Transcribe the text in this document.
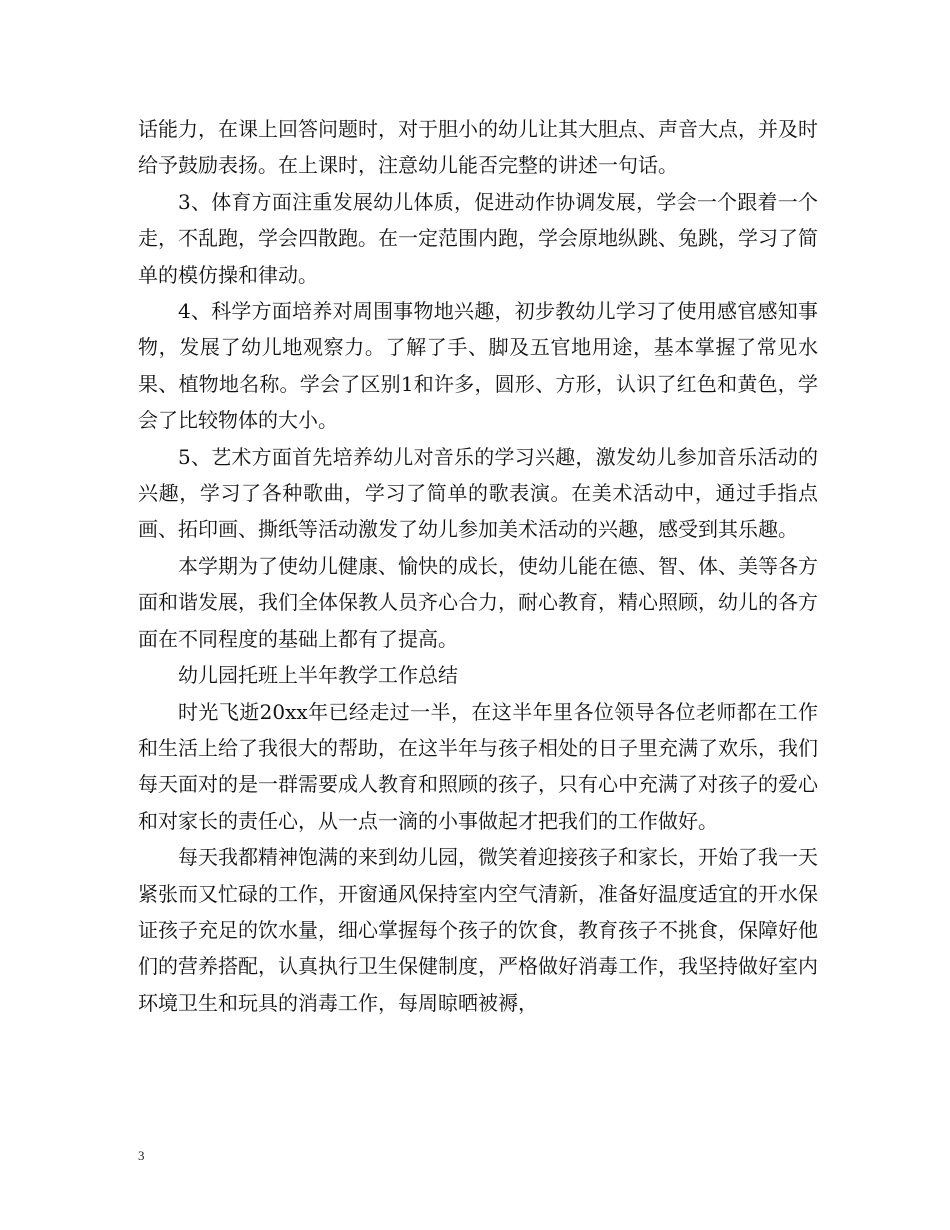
话能力，在课上回答问题时，对于胆小的幼儿让其大胆点、声音大点，并及时给予鼓励表扬。在上课时，注意幼儿能否完整的讲述一句话。

3、体育方面注重发展幼儿体质，促进动作协调发展，学会一个跟着一个走，不乱跑，学会四散跑。在一定范围内跑，学会原地纵跳、兔跳，学习了简单的模仿操和律动。

4、科学方面培养对周围事物地兴趣，初步教幼儿学习了使用感官感知事物，发展了幼儿地观察力。了解了手、脚及五官地用途，基本掌握了常见水果、植物地名称。学会了区别1和许多，圆形、方形，认识了红色和黄色，学会了比较物体的大小。

5、艺术方面首先培养幼儿对音乐的学习兴趣，激发幼儿参加音乐活动的兴趣，学习了各种歌曲，学习了简单的歌表演。在美术活动中，通过手指点画、拓印画、撕纸等活动激发了幼儿参加美术活动的兴趣，感受到其乐趣。

本学期为了使幼儿健康、愉快的成长，使幼儿能在德、智、体、美等各方面和谐发展，我们全体保教人员齐心合力，耐心教育，精心照顾，幼儿的各方面在不同程度的基础上都有了提高。

幼儿园托班上半年教学工作总结

时光飞逝20xx年已经走过一半，在这半年里各位领导各位老师都在工作和生活上给了我很大的帮助，在这半年与孩子相处的日子里充满了欢乐，我们每天面对的是一群需要成人教育和照顾的孩子，只有心中充满了对孩子的爱心和对家长的责任心，从一点一滴的小事做起才把我们的工作做好。

每天我都精神饱满的来到幼儿园，微笑着迎接孩子和家长，开始了我一天紧张而又忙碌的工作，开窗通风保持室内空气清新，准备好温度适宜的开水保证孩子充足的饮水量，细心掌握每个孩子的饮食，教育孩子不挑食，保障好他们的营养搭配，认真执行卫生保健制度，严格做好消毒工作，我坚持做好室内环境卫生和玩具的消毒工作，每周晾晒被褥，

3
